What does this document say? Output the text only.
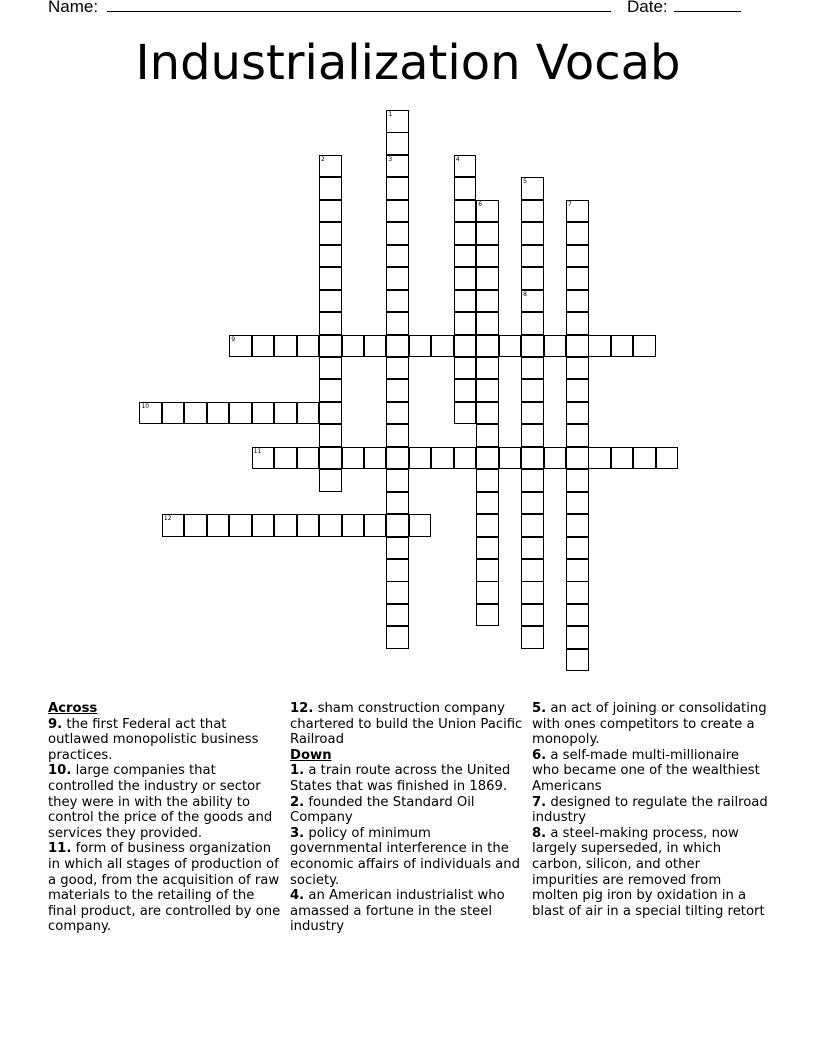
Name:	Date:
Industrialization Vocab
1
3
2	4
5
8
6	7
9
10
11
12
Across

9. the first Federal act that outlawed monopolistic business practices.

10. large companies that controlled the industry or sector they were in with the ability to control the price of the goods and services they provided.

11. form of business organization in which all stages of production of a good, from the acquisition of raw materials to the retailing of the final product, are controlled by one company.

12. sham construction company chartered to build the Union Pacific Railroad

Down

1. a train route across the United States that was finished in 1869.

2. founded the Standard Oil Company

3. policy of minimum governmental interference in the economic affairs of individuals and society.

4. an American industrialist who amassed a fortune in the steel industry

5. an act of joining or consolidating with ones competitors to create a monopoly.

6. a self-made multi-millionaire who became one of the wealthiest Americans

7. designed to regulate the railroad industry

8. a steel-making process, now largely superseded, in which carbon, silicon, and other impurities are removed from molten pig iron by oxidation in a blast of air in a special tilting retort
